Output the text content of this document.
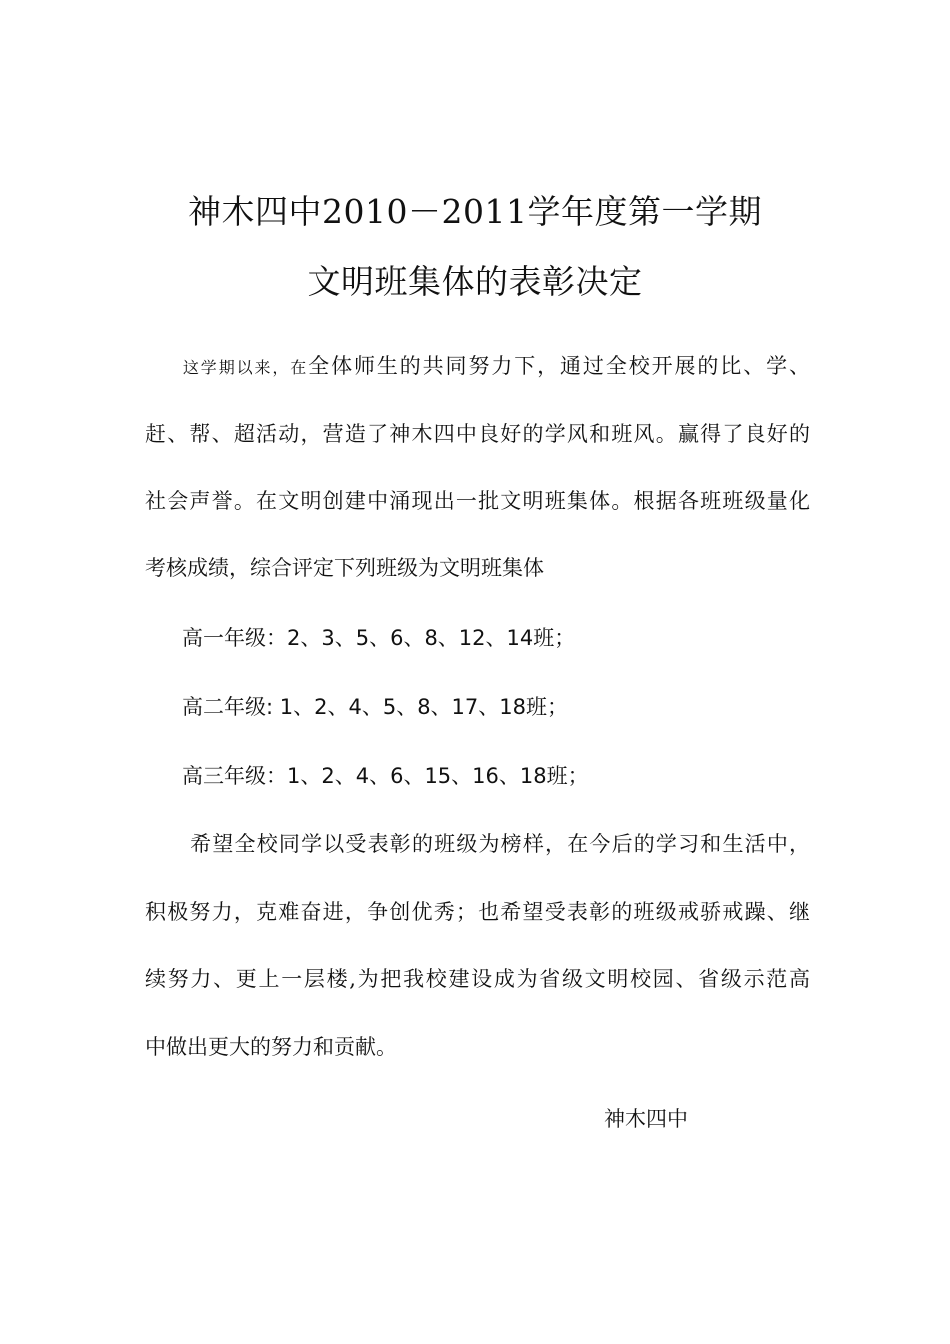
神木四中2010－2011学年度第一学期
文明班集体的表彰决定
这学期以来，在全体师生的共同努力下，通过全校开展的比、学、
赶、帮、超活动，营造了神木四中良好的学风和班风。赢得了良好的
社会声誉。在文明创建中涌现出一批文明班集体。根据各班班级量化
考核成绩，综合评定下列班级为文明班集体
高一年级：2、3、5、6、8、12、14班；
高二年级: 1、2、4、5、8、17、18班；
高三年级：1、2、4、6、15、16、18班；
希望全校同学以受表彰的班级为榜样，在今后的学习和生活中，
积极努力，克难奋进，争创优秀；也希望受表彰的班级戒骄戒躁、继
续努力、更上一层楼,为把我校建设成为省级文明校园、省级示范高
中做出更大的努力和贡献。
神木四中
